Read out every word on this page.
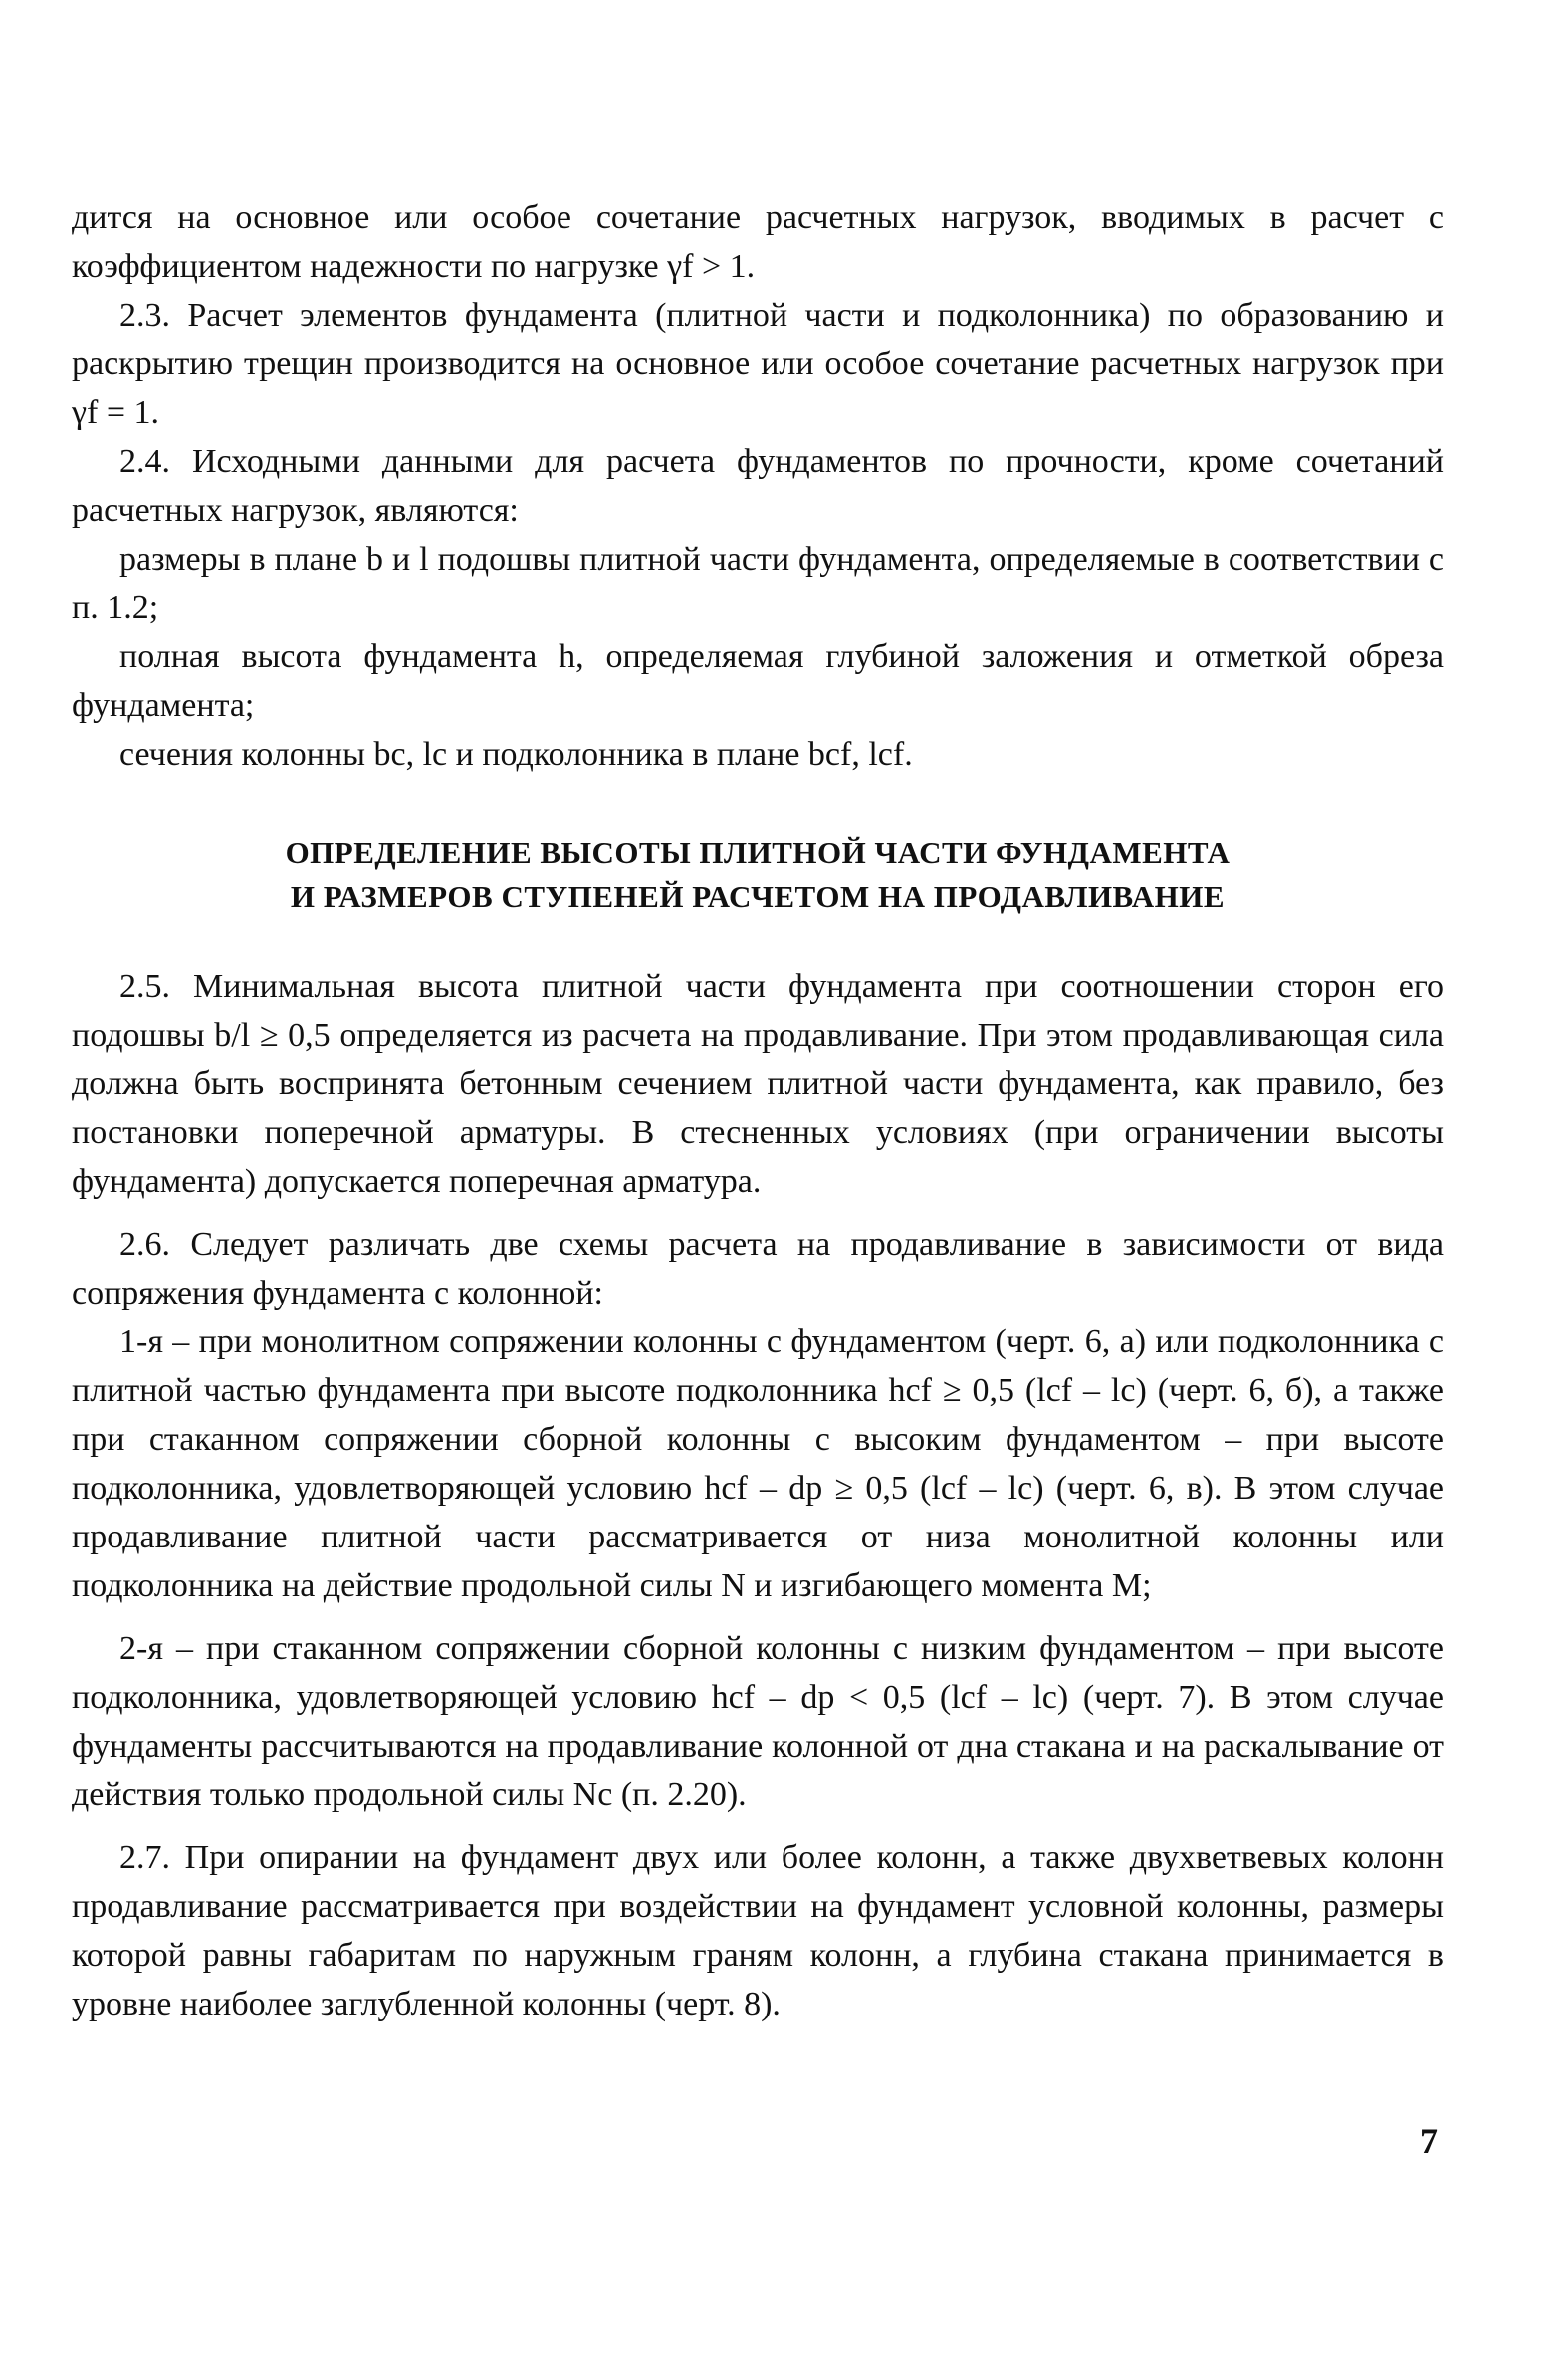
дится на основное или особое сочетание расчетных нагрузок, вводимых в расчет с коэффициентом надежности по нагрузке γf > 1.

2.3. Расчет элементов фундамента (плитной части и подколонника) по образованию и раскрытию трещин производится на основное или особое сочетание расчетных нагрузок при γf = 1.

2.4. Исходными данными для расчета фундаментов по прочности, кроме сочетаний расчетных нагрузок, являются:

размеры в плане b и l подошвы плитной части фундамента, определяемые в соответствии с п. 1.2;

полная высота фундамента h, определяемая глубиной заложения и отметкой обреза фундамента;

сечения колонны bc, lc и подколонника в плане bcf, lcf.

ОПРЕДЕЛЕНИЕ ВЫСОТЫ ПЛИТНОЙ ЧАСТИ ФУНДАМЕНТА
И РАЗМЕРОВ СТУПЕНЕЙ РАСЧЕТОМ НА ПРОДАВЛИВАНИЕ

2.5. Минимальная высота плитной части фундамента при соотношении сторон его подошвы b/l ≥ 0,5 определяется из расчета на продавливание. При этом продавливающая сила должна быть воспринята бетонным сечением плитной части фундамента, как правило, без постановки поперечной арматуры. В стесненных условиях (при ограничении высоты фундамента) допускается поперечная арматура.

2.6. Следует различать две схемы расчета на продавливание в зависимости от вида сопряжения фундамента с колонной:

1-я – при монолитном сопряжении колонны с фундаментом (черт. 6, а) или подколонника с плитной частью фундамента при высоте подколонника hcf ≥ 0,5 (lcf – lc) (черт. 6, б), а также при стаканном сопряжении сборной колонны с высоким фундаментом – при высоте подколонника, удовлетворяющей условию hcf – dp ≥ 0,5 (lcf – lc) (черт. 6, в). В этом случае продавливание плитной части рассматривается от низа монолитной колонны или подколонника на действие продольной силы N и изгибающего момента M;

2-я – при стаканном сопряжении сборной колонны с низким фундаментом – при высоте подколонника, удовлетворяющей условию hcf – dp < 0,5 (lcf – lc) (черт. 7). В этом случае фундаменты рассчитываются на продавливание колонной от дна стакана и на раскалывание от действия только продольной силы Nc (п. 2.20).

2.7. При опирании на фундамент двух или более колонн, а также двухветвевых колонн продавливание рассматривается при воздействии на фундамент условной колонны, размеры которой равны габаритам по наружным граням колонн, а глубина стакана принимается в уровне наиболее заглубленной колонны (черт. 8).

7
